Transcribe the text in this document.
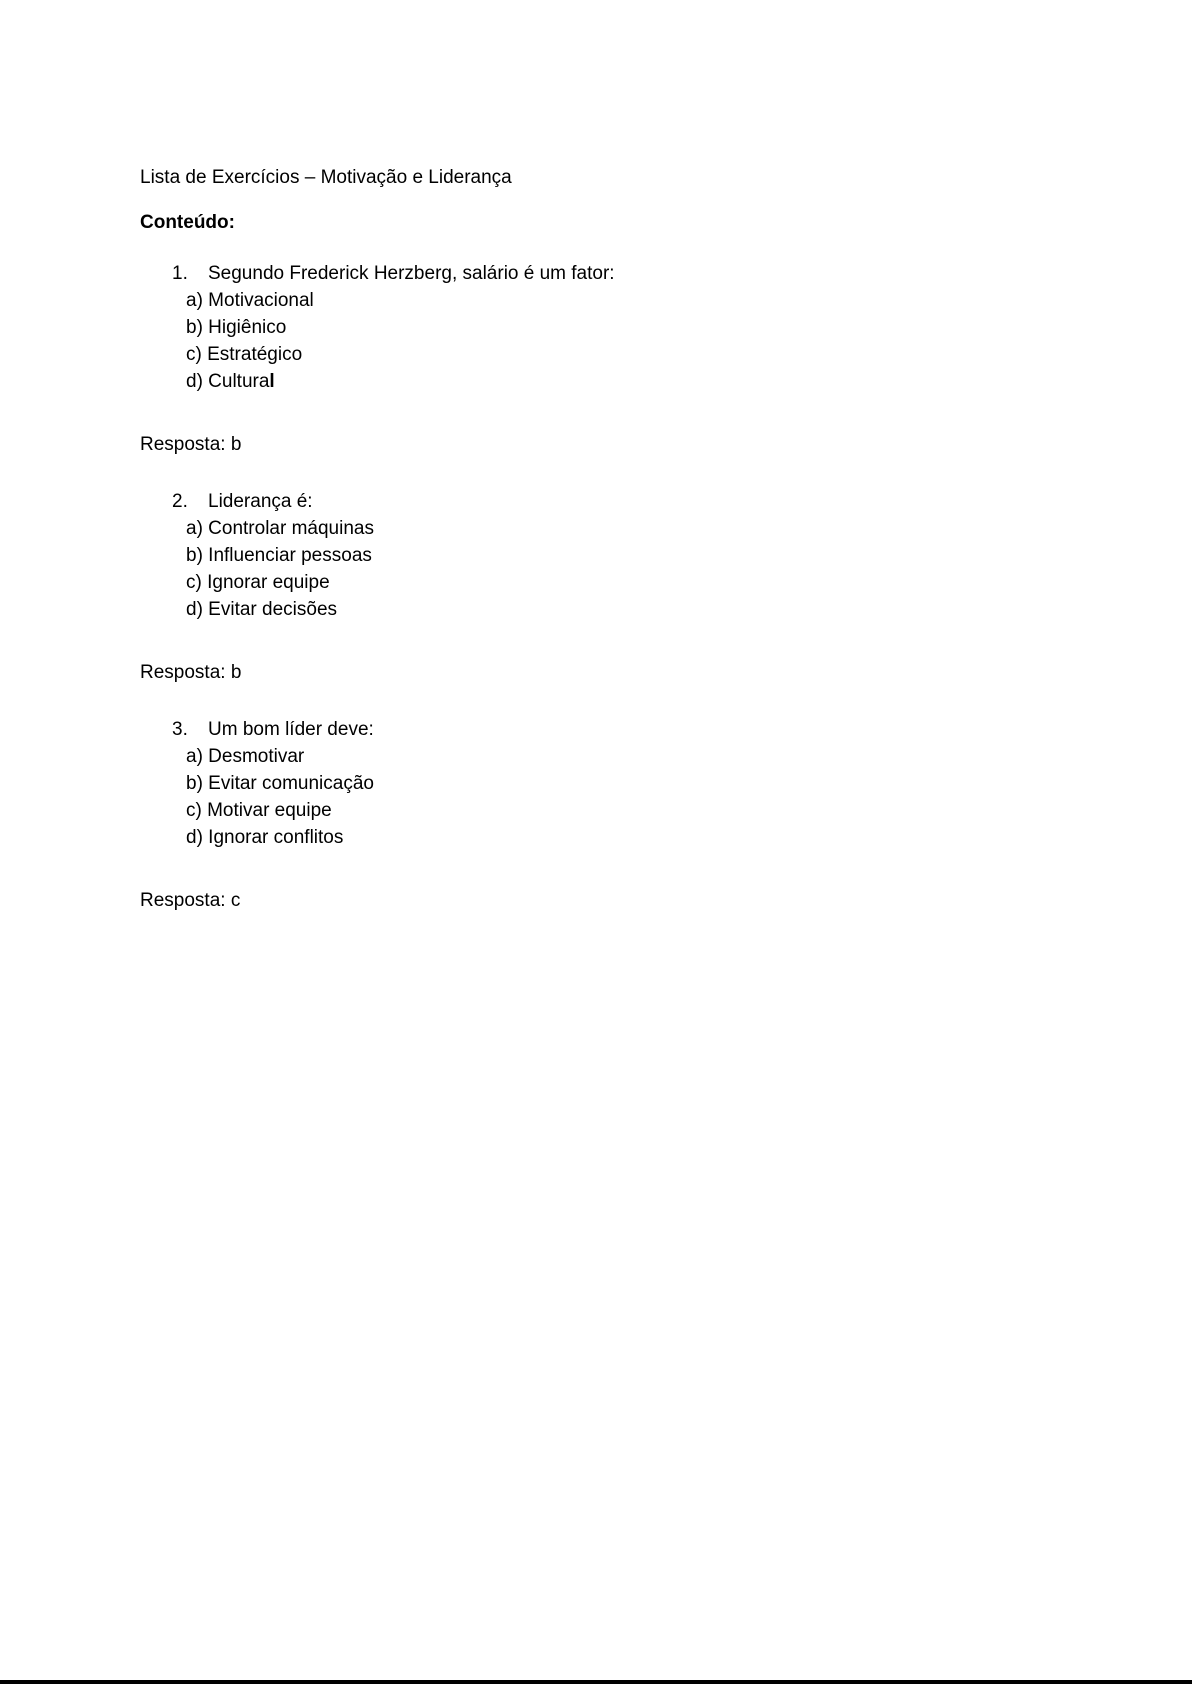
Lista de Exercícios – Motivação e Liderança

Conteúdo:

1.	Segundo Frederick Herzberg, salário é um fator:
a) Motivacional
b) Higiênico
c) Estratégico
d) Cultural

Resposta: b

2.	Liderança é:
a) Controlar máquinas
b) Influenciar pessoas
c) Ignorar equipe
d) Evitar decisões

Resposta: b

3.	Um bom líder deve:
a) Desmotivar
b) Evitar comunicação
c) Motivar equipe
d) Ignorar conflitos

Resposta: c
